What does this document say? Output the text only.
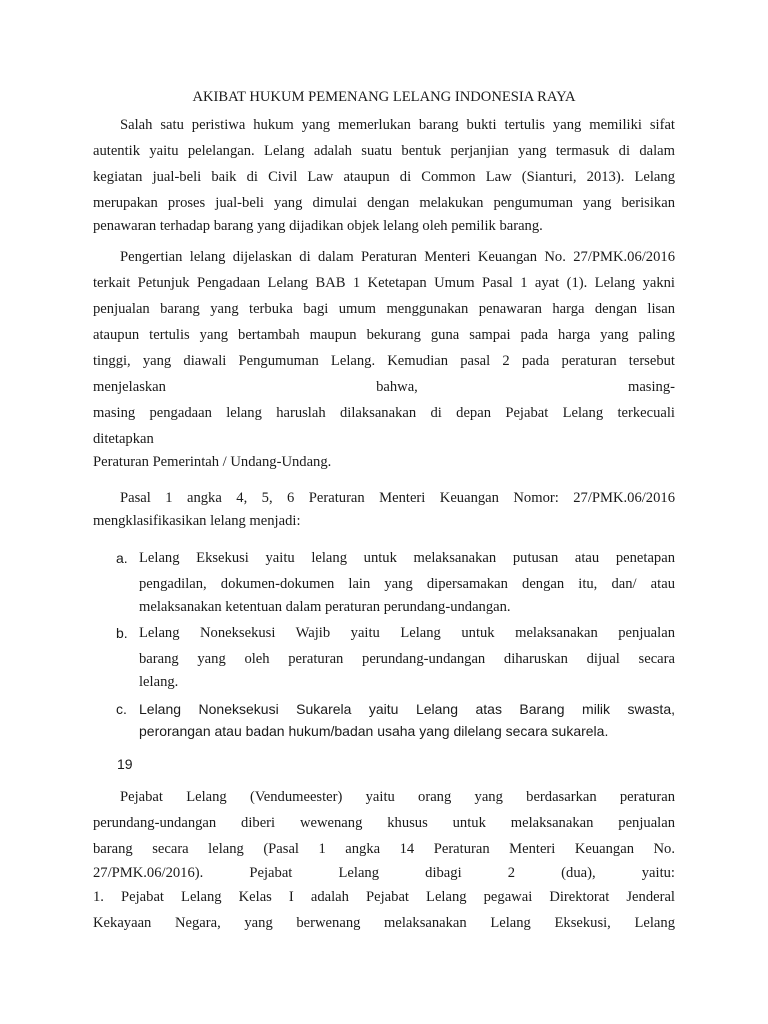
AKIBAT HUKUM PEMENANG LELANG INDONESIA RAYA
Salah satu peristiwa hukum yang memerlukan barang bukti tertulis yang memiliki sifat
autentik yaitu pelelangan. Lelang adalah suatu bentuk perjanjian yang termasuk di dalam
kegiatan jual-beli baik di Civil Law ataupun di Common Law (Sianturi, 2013). Lelang
merupakan proses jual-beli yang dimulai dengan melakukan pengumuman yang berisikan
penawaran terhadap barang yang dijadikan objek lelang oleh pemilik barang.
Pengertian lelang dijelaskan di dalam Peraturan Menteri Keuangan No. 27/PMK.06/2016
terkait Petunjuk Pengadaan Lelang BAB 1 Ketetapan Umum Pasal 1 ayat (1). Lelang yakni
penjualan barang yang terbuka bagi umum menggunakan penawaran harga dengan lisan
ataupun tertulis yang bertambah maupun bekurang guna sampai pada harga yang paling
tinggi, yang diawali Pengumuman Lelang. Kemudian pasal 2 pada peraturan tersebut
menjelaskan bahwa, masing-
masing pengadaan lelang haruslah dilaksanakan di depan Pejabat Lelang terkecuali
ditetapkan
Peraturan Pemerintah / Undang-Undang.
Pasal 1 angka 4, 5, 6 Peraturan Menteri Keuangan Nomor: 27/PMK.06/2016
mengklasifikasikan lelang menjadi:
a. Lelang Eksekusi yaitu lelang untuk melaksanakan putusan atau penetapan
pengadilan, dokumen-dokumen lain yang dipersamakan dengan itu, dan/ atau
melaksanakan ketentuan dalam peraturan perundang-undangan.
b. Lelang Noneksekusi Wajib yaitu Lelang untuk melaksanakan penjualan
barang yang oleh peraturan perundang-undangan diharuskan dijual secara
lelang.
c. Lelang Noneksekusi Sukarela yaitu Lelang atas Barang milik swasta,
perorangan atau badan hukum/badan usaha yang dilelang secara sukarela.
19
Pejabat Lelang (Vendumeester) yaitu orang yang berdasarkan peraturan
perundang-undangan diberi wewenang khusus untuk melaksanakan penjualan
barang secara lelang (Pasal 1 angka 14 Peraturan Menteri Keuangan No.
27/PMK.06/2016). Pejabat Lelang dibagi 2 (dua), yaitu:
1. Pejabat Lelang Kelas I adalah Pejabat Lelang pegawai Direktorat Jenderal
Kekayaan Negara, yang berwenang melaksanakan Lelang Eksekusi, Lelang
